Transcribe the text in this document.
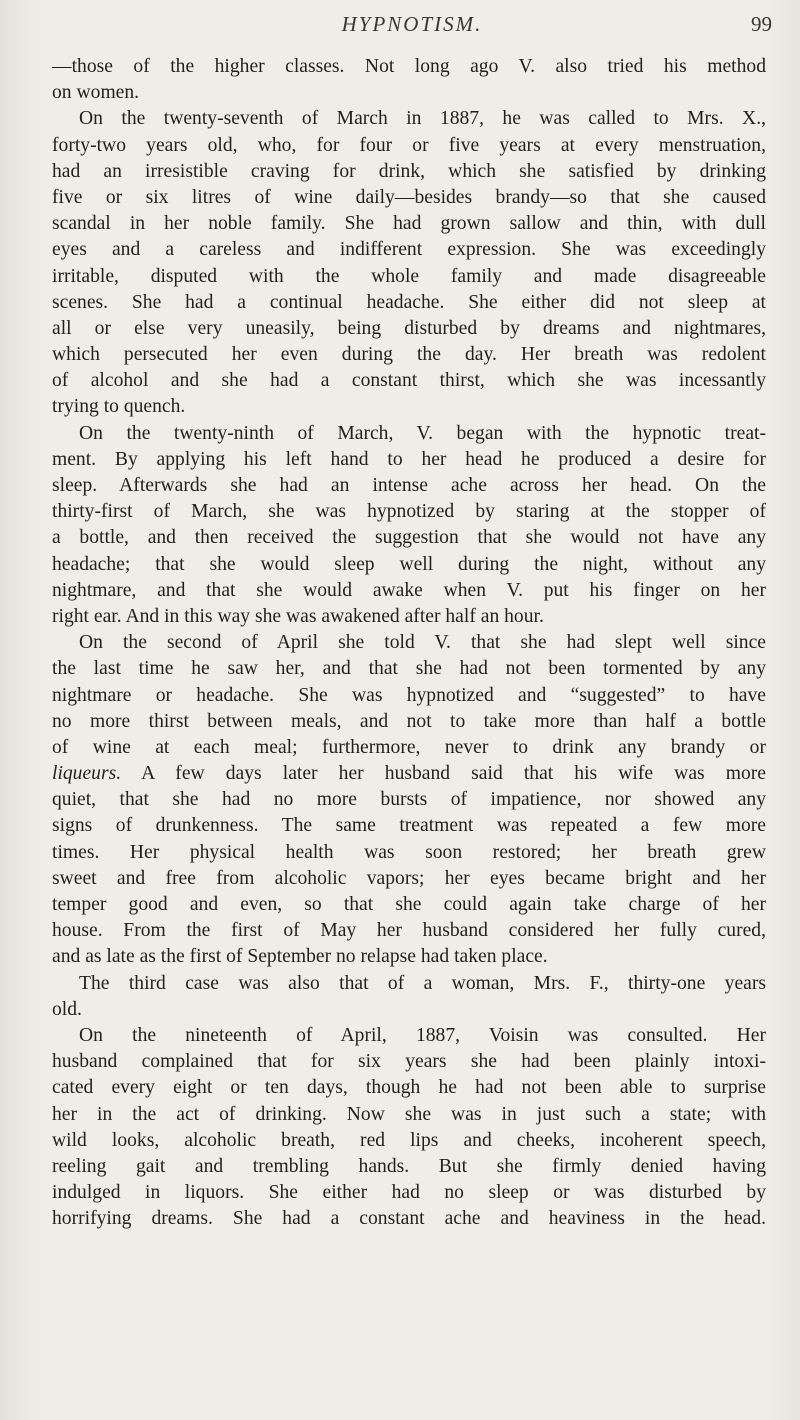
HYPNOTISM.	99
—those of the higher classes. Not long ago V. also tried his method
on women.
On the twenty-seventh of March in 1887, he was called to Mrs. X.,
forty-two years old, who, for four or five years at every menstruation,
had an irresistible craving for drink, which she satisfied by drinking
five or six litres of wine daily—besides brandy—so that she caused
scandal in her noble family. She had grown sallow and thin, with dull
eyes and a careless and indifferent expression. She was exceedingly
irritable, disputed with the whole family and made disagreeable
scenes. She had a continual headache. She either did not sleep at
all or else very uneasily, being disturbed by dreams and nightmares,
which persecuted her even during the day. Her breath was redolent
of alcohol and she had a constant thirst, which she was incessantly
trying to quench.
On the twenty-ninth of March, V. began with the hypnotic treat-
ment. By applying his left hand to her head he produced a desire for
sleep. Afterwards she had an intense ache across her head. On the
thirty-first of March, she was hypnotized by staring at the stopper of
a bottle, and then received the suggestion that she would not have any
headache; that she would sleep well during the night, without any
nightmare, and that she would awake when V. put his finger on her
right ear. And in this way she was awakened after half an hour.
On the second of April she told V. that she had slept well since
the last time he saw her, and that she had not been tormented by any
nightmare or headache. She was hypnotized and “suggested” to have
no more thirst between meals, and not to take more than half a bottle
of wine at each meal; furthermore, never to drink any brandy or
liqueurs. A few days later her husband said that his wife was more
quiet, that she had no more bursts of impatience, nor showed any
signs of drunkenness. The same treatment was repeated a few more
times. Her physical health was soon restored; her breath grew
sweet and free from alcoholic vapors; her eyes became bright and her
temper good and even, so that she could again take charge of her
house. From the first of May her husband considered her fully cured,
and as late as the first of September no relapse had taken place.
The third case was also that of a woman, Mrs. F., thirty-one years
old.
On the nineteenth of April, 1887, Voisin was consulted. Her
husband complained that for six years she had been plainly intoxi-
cated every eight or ten days, though he had not been able to surprise
her in the act of drinking. Now she was in just such a state; with
wild looks, alcoholic breath, red lips and cheeks, incoherent speech,
reeling gait and trembling hands. But she firmly denied having
indulged in liquors. She either had no sleep or was disturbed by
horrifying dreams. She had a constant ache and heaviness in the head.
